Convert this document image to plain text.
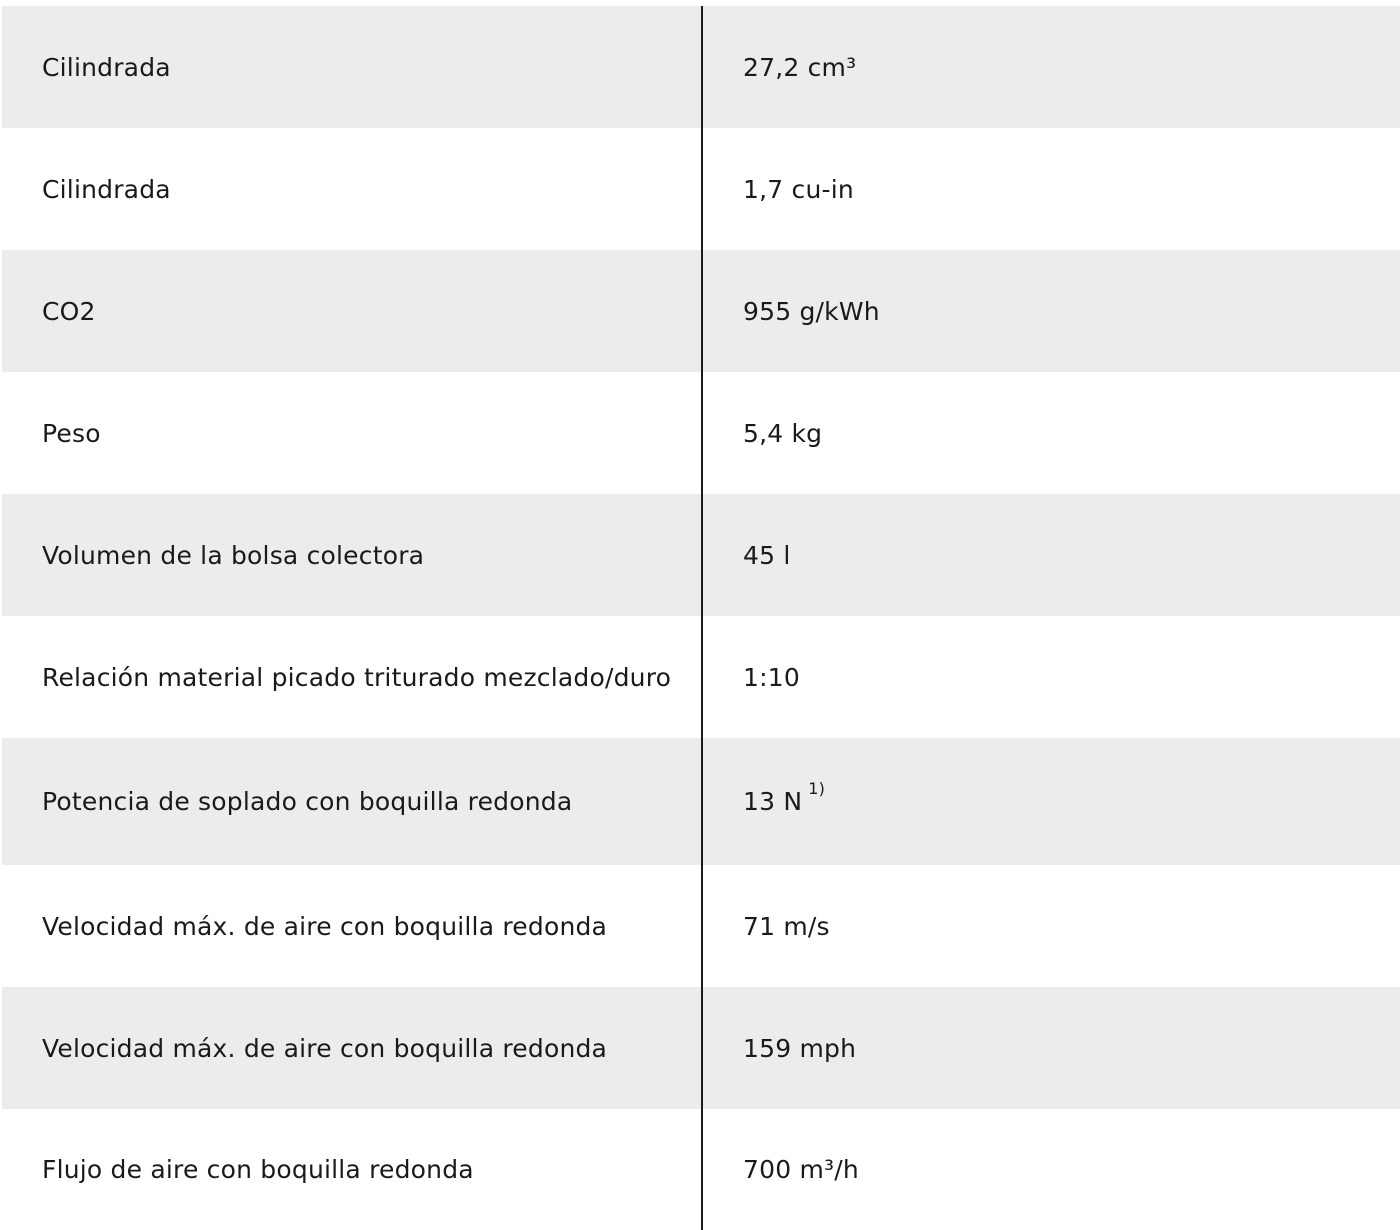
Cilindrada	27,2 cm³
Cilindrada	1,7 cu-in
CO2	955 g/kWh
Peso	5,4 kg
Volumen de la bolsa colectora	45 l
Relación material picado triturado mezclado/duro	1:10
Potencia de soplado con boquilla redonda	13 N $^{1)}$
Velocidad máx. de aire con boquilla redonda	71 m/s
Velocidad máx. de aire con boquilla redonda	159 mph
Flujo de aire con boquilla redonda	700 m³/h
